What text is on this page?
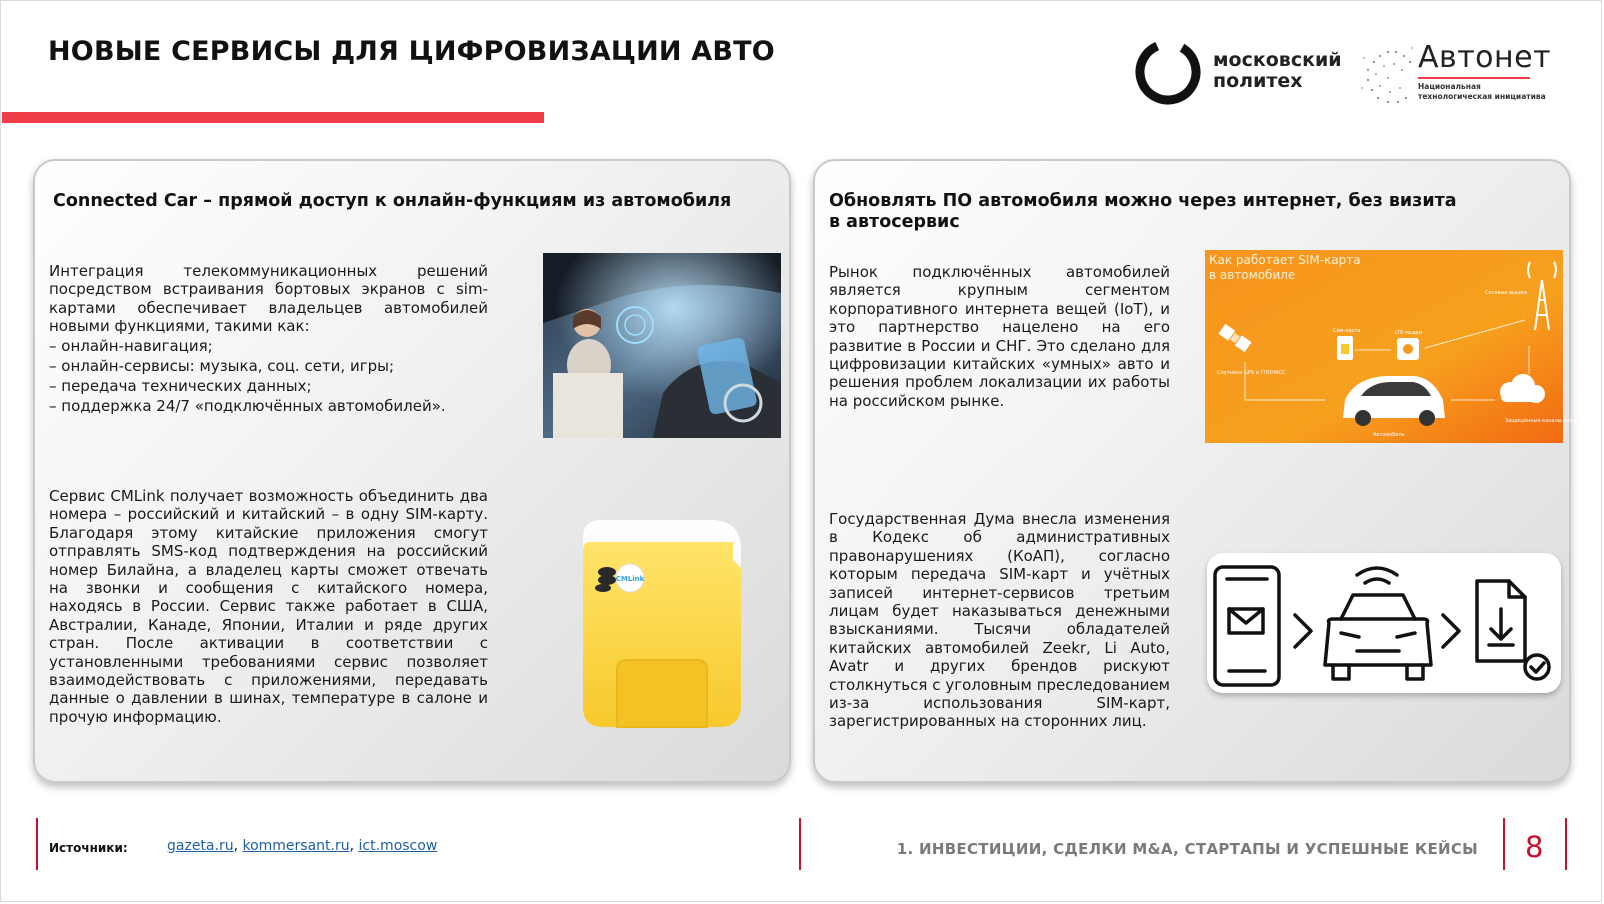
НОВЫЕ СЕРВИСЫ ДЛЯ ЦИФРОВИЗАЦИИ АВТО	московский
политех
Автонет
Национальная технологическая инициатива
Connected Car – прямой доступ к онлайн-функциям из автомобиля
Интеграция телекоммуникационных решений посредством встраивания бортовых экранов с sim-картами обеспечивает владельцев автомобилей новыми функциями, такими как:
– онлайн-навигация;
– онлайн-сервисы: музыка, соц. сети, игры;
– передача технических данных;
– поддержка 24/7 «подключённых автомобилей».
Сервис CMLink получает возможность объединить два номера – российский и китайский – в одну SIM-карту. Благодаря этому китайские приложения смогут отправлять SMS-код подтверждения на российский номер Билайна, а владелец карты сможет отвечать на звонки и сообщения с китайского номера, находясь в России. Сервис также работает в США, Австралии, Канаде, Японии, Италии и ряде других стран. После активации в соответствии с установленными требованиями сервис позволяет взаимодействовать с приложениями, передавать данные о давлении в шинах, температуре в салоне и прочую информацию.
CMLink
Обновлять ПО автомобиля можно через интернет, без визита в автосервис
Рынок подключённых автомобилей является крупным сегментом корпоративного интернета вещей (IoT), и это партнерство нацелено на его развитие в России и СНГ. Это сделано для цифровизации китайских «умных» авто и решения проблем локализации их работы на российском рынке.
Как работает SIM-карта
в автомобиле
Спутники GPS и ГЛОНАСС
Сим-карта	LTE-модем
Сотовые вышки
Автомобиль
Защищённые каналы связи
Государственная Дума внесла изменения в Кодекс об административных правонарушениях (КоАП), согласно которым передача SIM-карт и учётных записей интернет-сервисов третьим лицам будет наказываться денежными взысканиями. Тысячи обладателей китайских автомобилей Zeekr, Li Auto, Avatr и других брендов рискуют столкнуться с уголовным преследованием из-за использования SIM-карт, зарегистрированных на сторонних лиц.
Источники:	gazeta.ru, kommersant.ru, ict.moscow	1. ИНВЕСТИЦИИ, СДЕЛКИ M&A, СТАРТАПЫ И УСПЕШНЫЕ КЕЙСЫ 8
